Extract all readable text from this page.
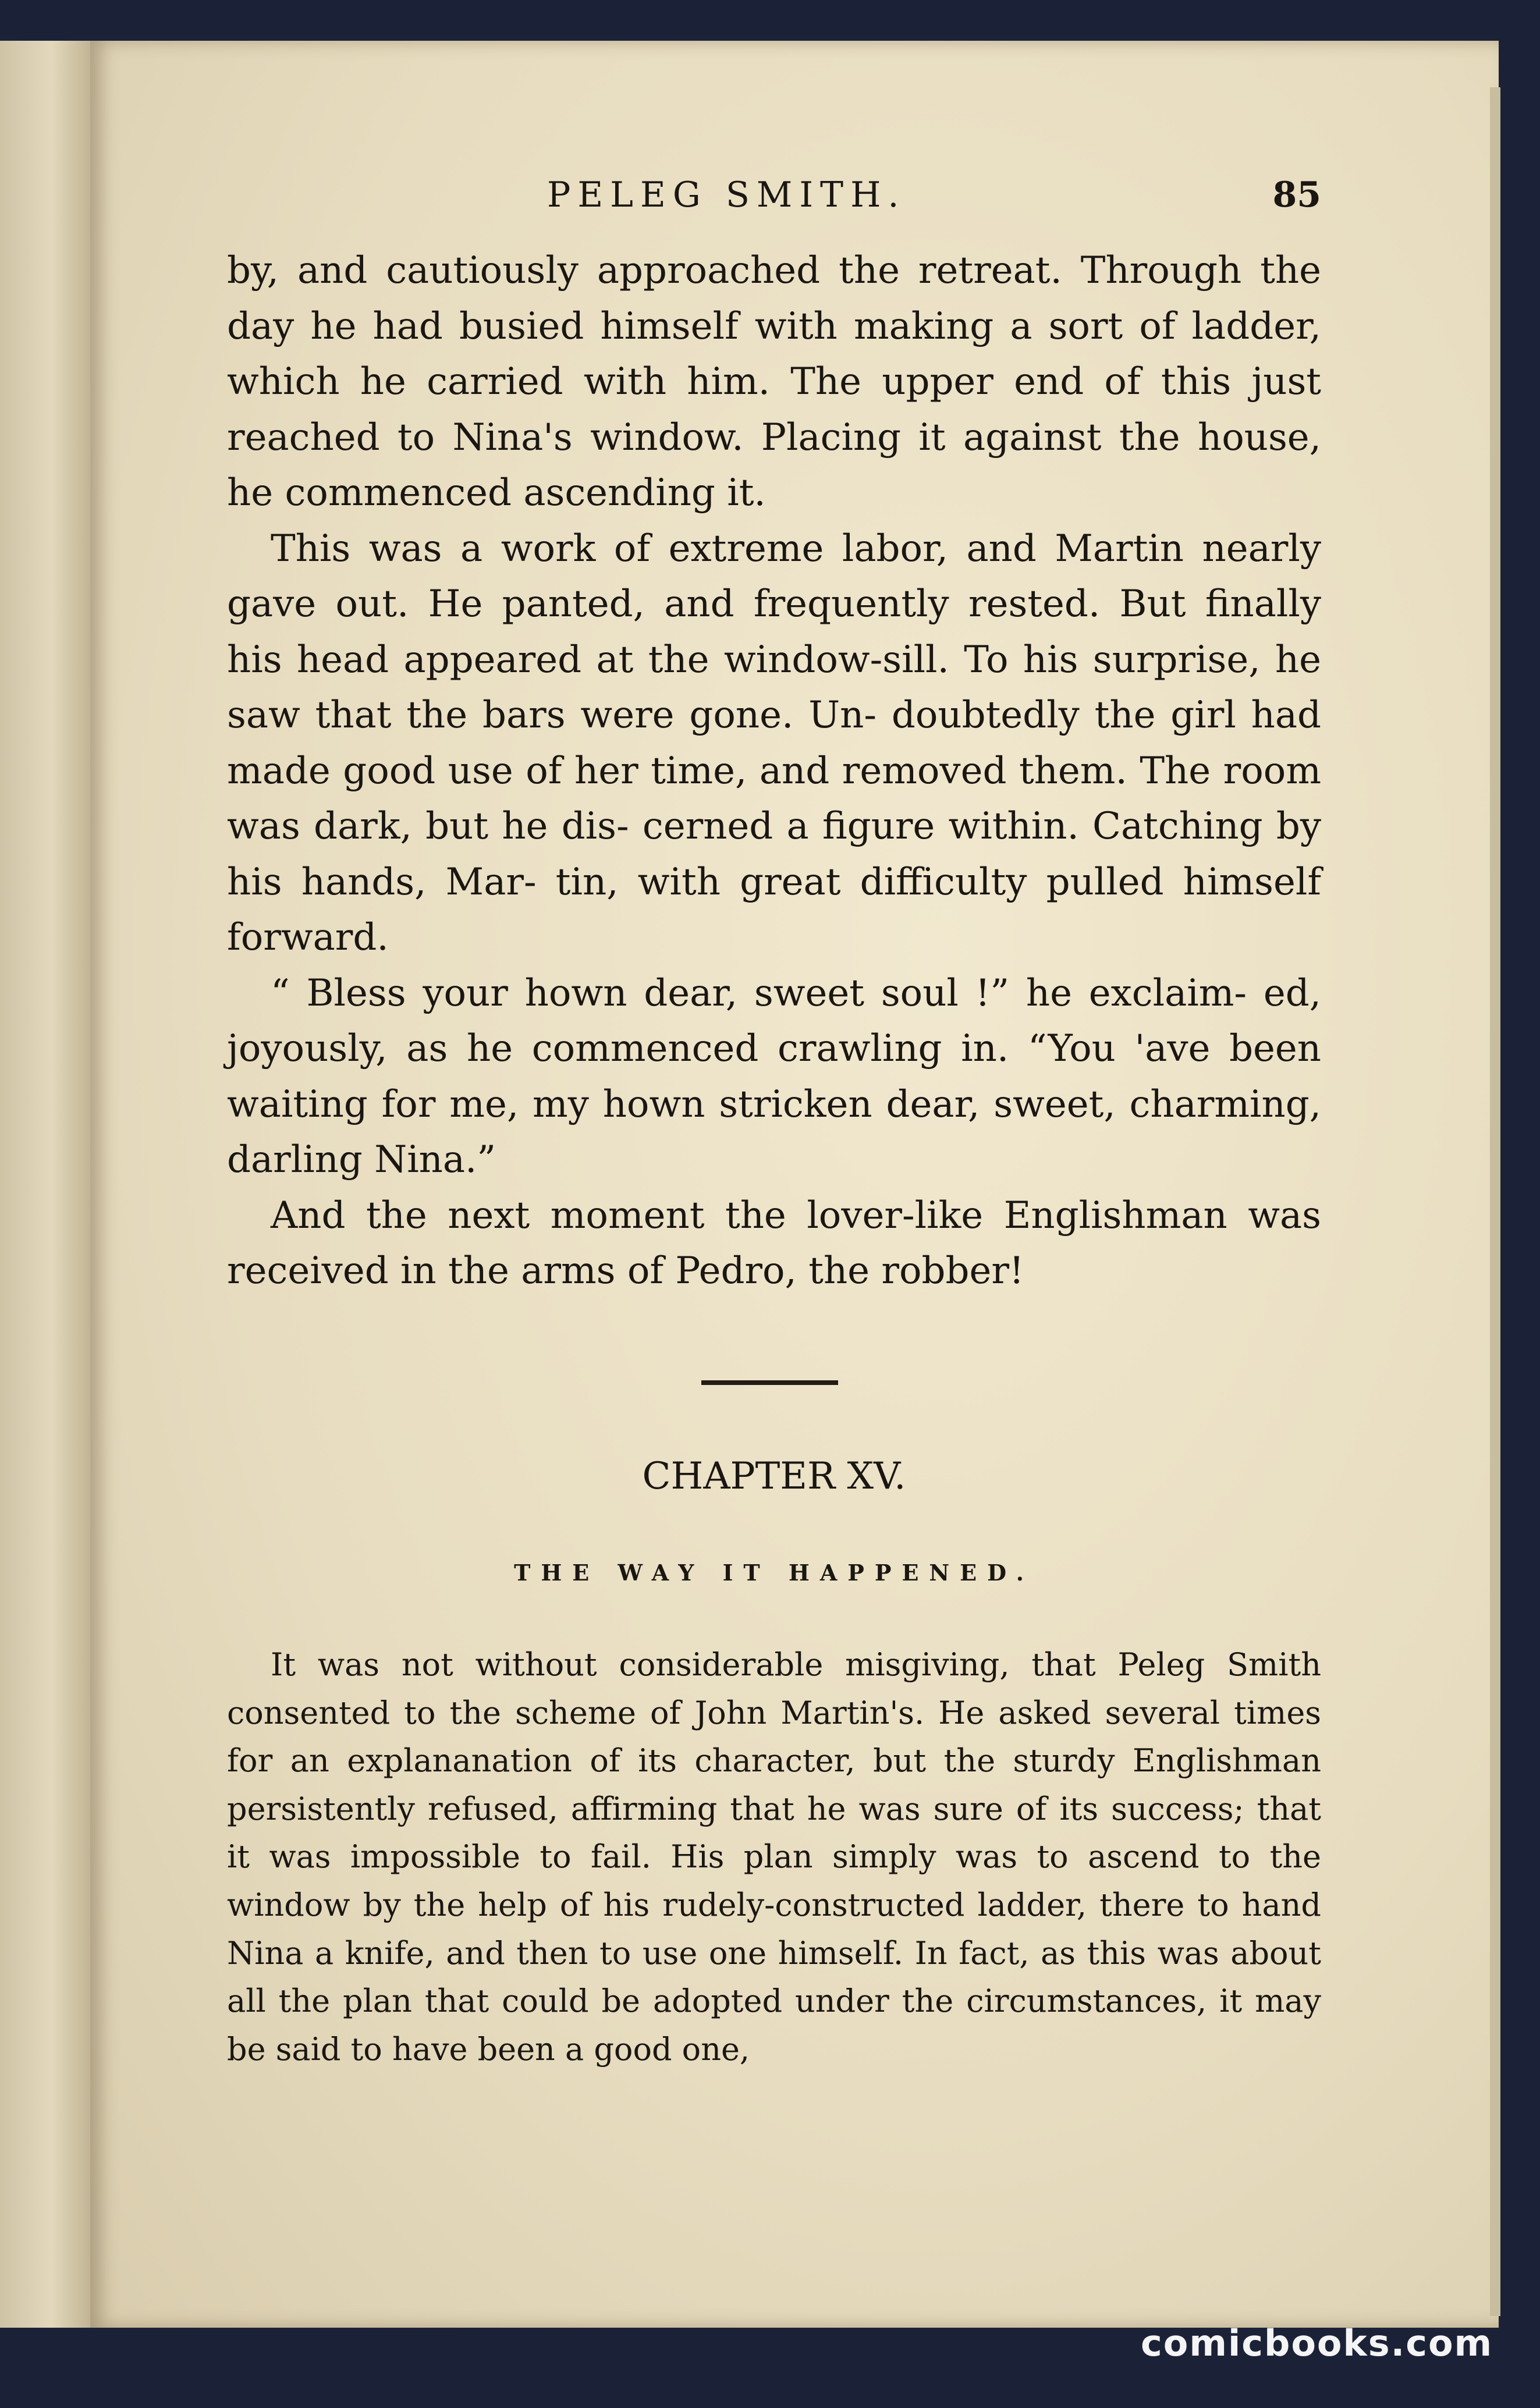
PELEG SMITH.	85

by, and cautiously approached the retreat. Through the day he had busied himself with making a sort of ladder, which he carried with him. The upper end of this just reached to Nina's window. Placing it against the house, he commenced ascending it.

This was a work of extreme labor, and Martin nearly gave out. He panted, and frequently rested. But finally his head appeared at the window-sill. To his surprise, he saw that the bars were gone. Un- doubtedly the girl had made good use of her time, and removed them. The room was dark, but he dis- cerned a figure within. Catching by his hands, Mar- tin, with great difficulty pulled himself forward.

“ Bless your hown dear, sweet soul !” he exclaim- ed, joyously, as he commenced crawling in. “You 'ave been waiting for me, my hown stricken dear, sweet, charming, darling Nina.”

And the next moment the lover-like Englishman was received in the arms of Pedro, the robber!

CHAPTER XV.
THE WAY IT HAPPENED.

It was not without considerable misgiving, that Peleg Smith consented to the scheme of John Martin's. He asked several times for an explananation of its character, but the sturdy Englishman persistently refused, affirming that he was sure of its success; that it was impossible to fail. His plan simply was to ascend to the window by the help of his rudely-constructed ladder, there to hand Nina a knife, and then to use one himself. In fact, as this was about all the plan that could be adopted under the circumstances, it may be said to have been a good one,

comicbooks.com
